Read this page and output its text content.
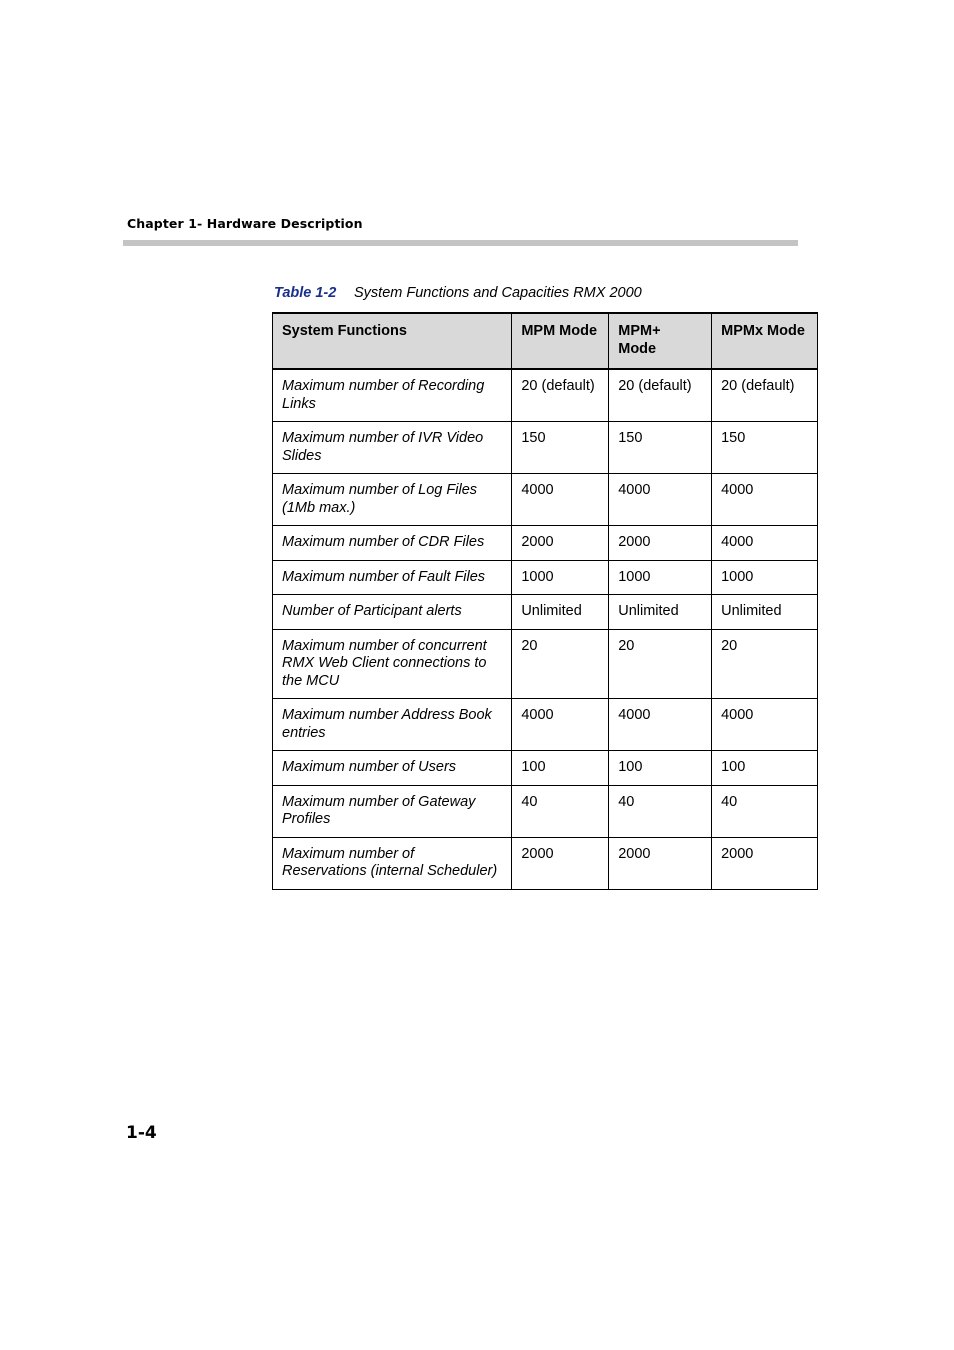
Chapter 1- Hardware Description
Table 1-2 System Functions and Capacities RMX 2000
System Functions	MPM Mode	MPM+ Mode	MPMx Mode
Maximum number of Recording Links	20 (default)	20 (default)	20 (default)
Maximum number of IVR Video Slides	150	150	150
Maximum number of Log Files (1Mb max.)	4000	4000	4000
Maximum number of CDR Files	2000	2000	4000
Maximum number of Fault Files	1000	1000	1000
Number of Participant alerts	Unlimited	Unlimited	Unlimited
Maximum number of concurrent RMX Web Client connections to the MCU	20	20	20
Maximum number Address Book entries	4000	4000	4000
Maximum number of Users	100	100	100
Maximum number of Gateway Profiles	40	40	40
Maximum number of Reservations (internal Scheduler)	2000	2000	2000
1-4
